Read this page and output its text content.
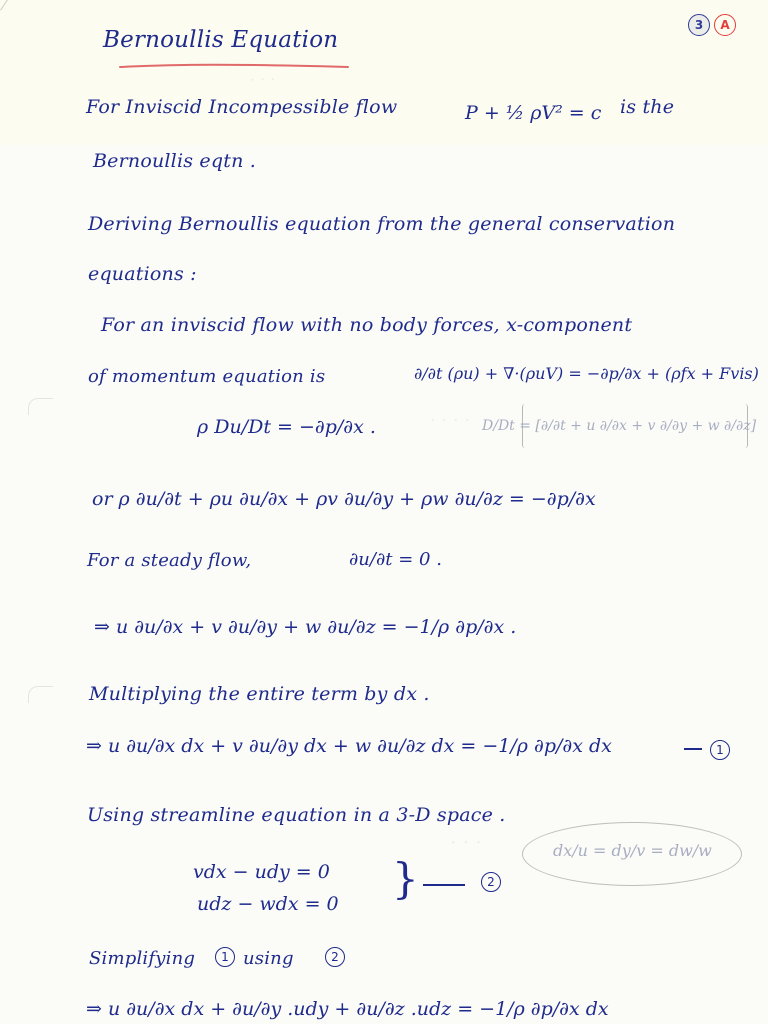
3	A
Bernoullis Equation
For Inviscid Incompessible flow	P + ½ ρV² = c is the
Bernoullis eqtn .
Deriving Bernoullis equation from the general conservation
equations :
For an inviscid flow with no body forces, x-component
of momentum equation is	∂/∂t (ρu) + ∇·(ρuV) = −∂p/∂x + (ρfx + Fvis)
ρ Du/Dt = −∂p/∂x .	D/Dt = [∂/∂t + u ∂/∂x + v ∂/∂y + w ∂/∂z]
or ρ ∂u/∂t + ρu ∂u/∂x + ρv ∂u/∂y + ρw ∂u/∂z = −∂p/∂x
For a steady flow,	∂u/∂t = 0 .
⇒ u ∂u/∂x + v ∂u/∂y + w ∂u/∂z = −1/ρ ∂p/∂x .
Multiplying the entire term by dx .
⇒ u ∂u/∂x dx + v ∂u/∂y dx + w ∂u/∂z dx = −1/ρ ∂p/∂x dx	1
Using streamline equation in a 3-D space .
dx/u = dy/v = dw/w
vdx − udy = 0
udz − wdx = 0
}	2
Simplifying	1 using	2
⇒ u ∂u/∂x dx + ∂u/∂y .udy + ∂u/∂z .udz = −1/ρ ∂p/∂x dx
· · ·
· · · ·
· · ·
